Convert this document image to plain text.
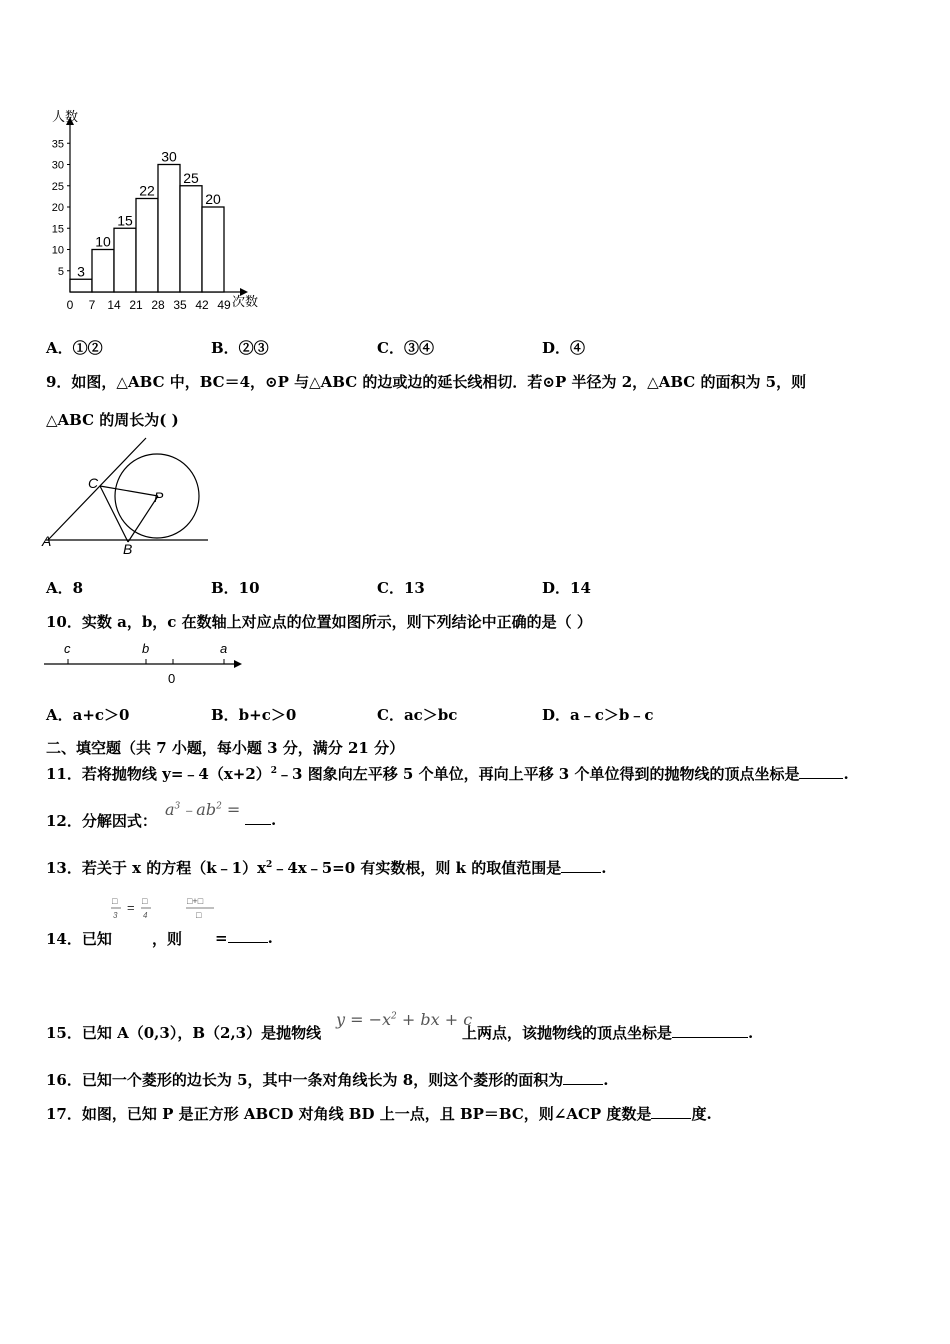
人数
次数
5
10
15
20
25
30
35
0 7 14 21 28 35 42 49
3
10
15
22
30
25
20
A．①②	B．②③	C．③④	D．④
9．如图，△ABC 中，BC＝4，⊙P 与△ABC 的边或边的延长线相切．若⊙P 半径为 2，△ABC 的面积为 5，则
△ABC 的周长为( )
C
P
A	B
A．8	B．10	C．13	D．14
10．实数 a，b，c 在数轴上对应点的位置如图所示，则下列结论中正确的是（ ）
c	b
0
a
A．a+c＞0	B．b+c＞0	C．ac＞bc	D．a﹣c＞b﹣c
二、填空题（共 7 小题，每小题 3 分，满分 21 分）
11．若将抛物线 $y=﹣4(x+2)^2﹣3$ 图象向左平移 5 个单位，再向上平移 3 个单位得到的抛物线的顶点坐标是	.
12．分解因式：
$a^3﹣ab^2$ =
.
13．若关于 x 的方程$(k﹣1)x^2﹣4x﹣5=0$ 有实数根，则 k 的取值范围是	.
□
3
= □
4
□+□
□
14．已知	，则 =	.
15．已知 A（0,3），B（2,3）是抛物线
$y = -x^2$ + bx + c
上两点，该抛物线的顶点坐标是	.
16．已知一个菱形的边长为 5，其中一条对角线长为 8，则这个菱形的面积为	.
17．如图，已知 P 是正方形 ABCD 对角线 BD 上一点，且 BP＝BC，则∠ACP 度数是	度.
